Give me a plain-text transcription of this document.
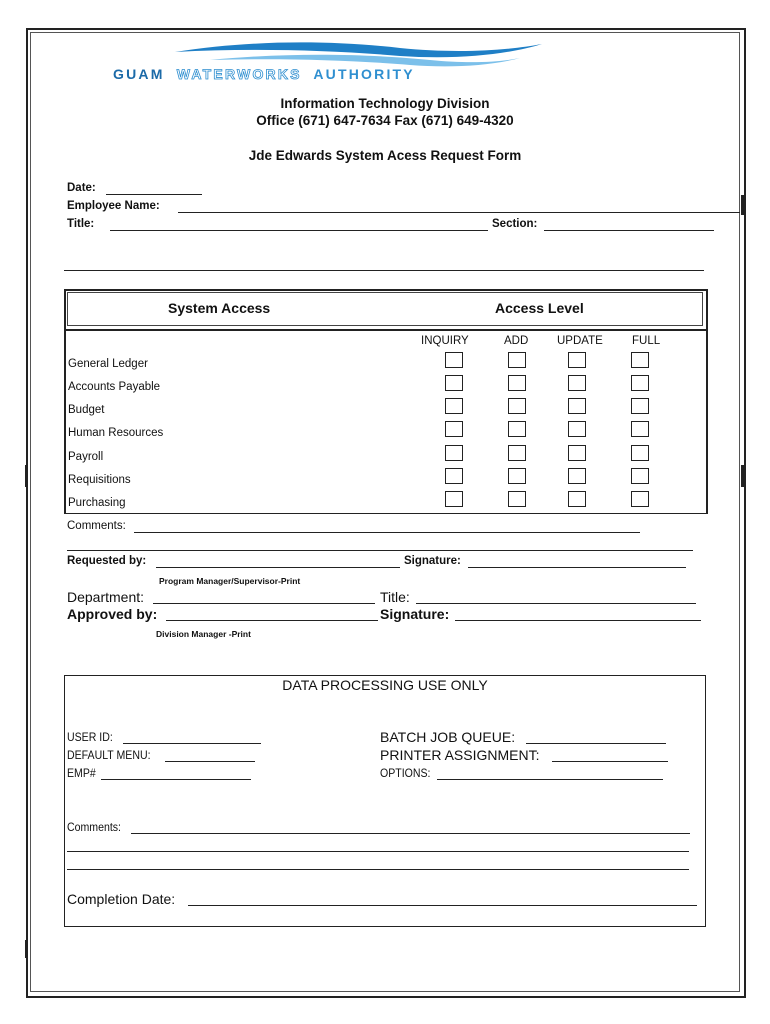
GUAM WATERWORKS AUTHORITY
Information Technology Division
Office (671) 647-7634 Fax (671) 649-4320
Jde Edwards System Acess Request Form
Date:
Employee Name:
Title:	Section:
System Access	Access Level
INQUIRY	ADD UPDATE	FULL
General Ledger
Accounts Payable
Budget
Human Resources
Payroll
Requisitions
Purchasing
Comments:
Requested by:	Signature:
Program Manager/Supervisor-Print
Department:	Title:
Approved by:	Signature:
Division Manager -Print
DATA PROCESSING USE ONLY
USER ID:
DEFAULT MENU:
EMP#
BATCH JOB QUEUE:
PRINTER ASSIGNMENT:
OPTIONS:
Comments:
Completion Date:
